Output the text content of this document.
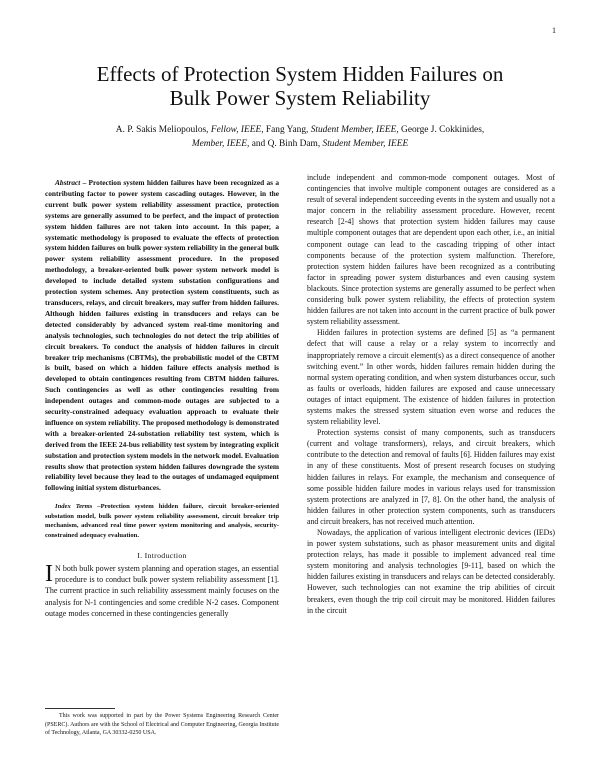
1
Effects of Protection System Hidden Failures on
Bulk Power System Reliability
A. P. Sakis Meliopoulos, Fellow, IEEE, Fang Yang, Student Member, IEEE, George J. Cokkinides,
Member, IEEE, and Q. Binh Dam, Student Member, IEEE

Abstract – Protection system hidden failures have been recognized as a contributing factor to power system cascading outages. However, in the current bulk power system reliability assessment practice, protection systems are generally assumed to be perfect, and the impact of protection system hidden failures are not taken into account. In this paper, a systematic methodology is proposed to evaluate the effects of protection system hidden failures on bulk power system reliability in the general bulk power system reliability assessment procedure. In the proposed methodology, a breaker-oriented bulk power system network model is developed to include detailed system substation configurations and protection system schemes. Any protection system constituents, such as transducers, relays, and circuit breakers, may suffer from hidden failures. Although hidden failures existing in transducers and relays can be detected considerably by advanced system real-time monitoring and analysis technologies, such technologies do not detect the trip abilities of circuit breakers. To conduct the analysis of hidden failures in circuit breaker trip mechanisms (CBTMs), the probabilistic model of the CBTM is built, based on which a hidden failure effects analysis method is developed to obtain contingences resulting from CBTM hidden failures. Such contingencies as well as other contingencies resulting from independent outages and common-mode outages are subjected to a security-constrained adequacy evaluation approach to evaluate their influence on system reliability. The proposed methodology is demonstrated with a breaker-oriented 24-substation reliability test system, which is derived from the IEEE 24-bus reliability test system by integrating explicit substation and protection system models in the network model. Evaluation results show that protection system hidden failures downgrade the system reliability level because they lead to the outages of undamaged equipment following initial system disturbances.

Index Terms –Protection system hidden failure, circuit breaker-oriented substation model, bulk power system reliability assessment, circuit breaker trip mechanism, advanced real time power system monitoring and analysis, security-constrained adequacy evaluation.

I. Introduction

I N both bulk power system planning and operation stages, an essential procedure is to conduct bulk power system reliability assessment [1]. The current practice in such reliability assessment mainly focuses on the analysis for N-1 contingencies and some credible N-2 cases. Component outage modes concerned in these contingencies generally

This work was supported in part by the Power Systems Engineering Research Center (PSERC). Authors are with the School of Electrical and Computer Engineering, Georgia Institute of Technology, Atlanta, GA 30332-0250 USA.

include independent and common-mode component outages. Most of contingencies that involve multiple component outages are considered as a result of several independent succeeding events in the system and usually not a major concern in the reliability assessment procedure. However, recent research [2-4] shows that protection system hidden failures may cause multiple component outages that are dependent upon each other, i.e., an initial component outage can lead to the cascading tripping of other intact components because of the protection system malfunction. Therefore, protection system hidden failures have been recognized as a contributing factor in spreading power system disturbances and even causing system blackouts. Since protection systems are generally assumed to be perfect when considering bulk power system reliability, the effects of protection system hidden failures are not taken into account in the current practice of bulk power system reliability assessment.

Hidden failures in protection systems are defined [5] as “a permanent defect that will cause a relay or a relay system to incorrectly and inappropriately remove a circuit element(s) as a direct consequence of another switching event.” In other words, hidden failures remain hidden during the normal system operating condition, and when system disturbances occur, such as faults or overloads, hidden failures are exposed and cause unnecessary outages of intact equipment. The existence of hidden failures in protection systems makes the stressed system situation even worse and reduces the system reliability level.

Protection systems consist of many components, such as transducers (current and voltage transformers), relays, and circuit breakers, which contribute to the detection and removal of faults [6]. Hidden failures may exist in any of these constituents. Most of present research focuses on studying hidden failures in relays. For example, the mechanism and consequence of some possible hidden failure modes in various relays used for transmission system protections are analyzed in [7, 8]. On the other hand, the analysis of hidden failures in other protection system components, such as transducers and circuit breakers, has not received much attention.

Nowadays, the application of various intelligent electronic devices (IEDs) in power system substations, such as phasor measurement units and digital protection relays, has made it possible to implement advanced real time system monitoring and analysis technologies [9-11], based on which the hidden failures existing in transducers and relays can be detected considerably. However, such technologies can not examine the trip abilities of circuit breakers, even though the trip coil circuit may be monitored. Hidden failures in the circuit
